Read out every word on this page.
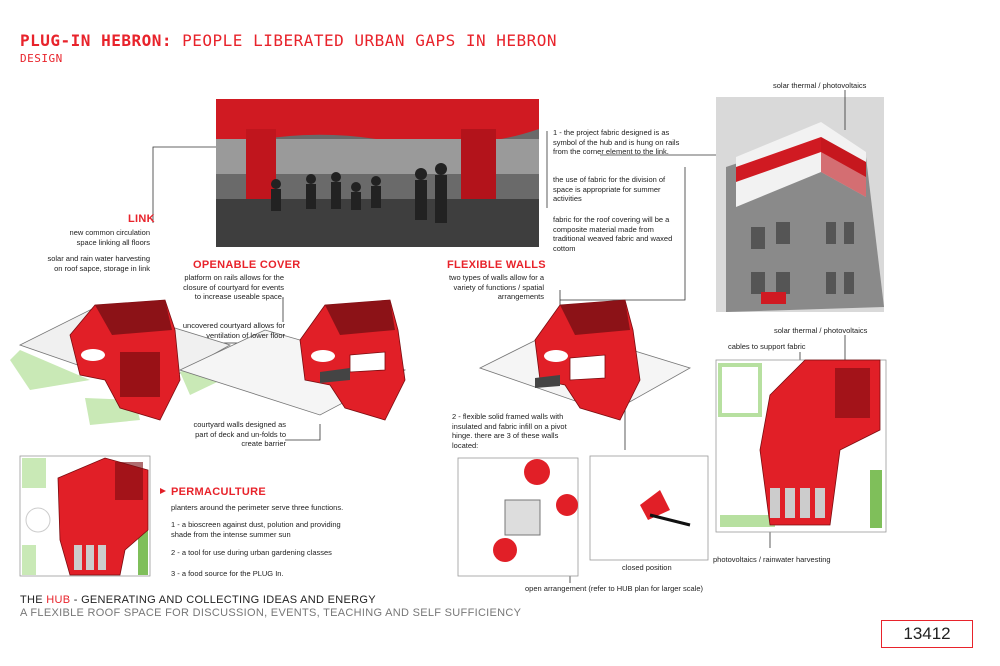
PLUG-IN HEBRON: PEOPLE LIBERATED URBAN GAPS IN HEBRON
DESIGN
LINK
new common circulation space linking all floors
solar and rain water harvesting on roof sapce, storage in link	OPENABLE COVER
platform on rails allows for the closure of courtyard for events to increase useable space.
uncovered courtyard allows for ventilation of lower floor
courtyard walls designed as part of deck and un-folds to create barrier
FLEXIBLE WALLS
two types of walls allow for a variety of functions / spatial arrangements
2 - flexible solid framed walls with insulated and fabric infill on a pivot hinge. there are 3 of these walls located:
closed position
open arrangement (refer to HUB plan for larger scale)
1 - the project fabric designed is as symbol of the hub and is hung on rails from the corner element to the link.
the use of fabric for the division of space is appropriate for summer activities
fabric for the roof covering will be a composite material made from traditional weaved fabric and waxed cottom
solar thermal / photovoltaics
solar thermal / photovoltaics
cables to support fabric
photovoltaics / rainwater harvesting
PERMACULTURE
planters around the perimeter serve three functions.
1 - a bioscreen against dust, polution and providing shade from the intense summer sun
2 - a tool for use during urban gardening classes
3 - a food source for the PLUG In.
THE HUB - GENERATING AND COLLECTING IDEAS AND ENERGY
A FLEXIBLE ROOF SPACE FOR DISCUSSION, EVENTS, TEACHING AND SELF SUFFICIENCY
13412
